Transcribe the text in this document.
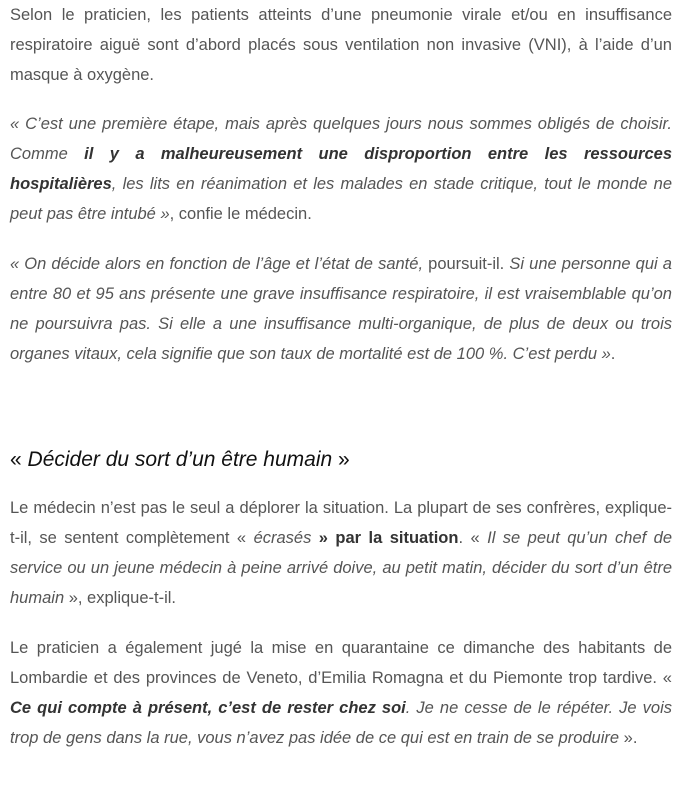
Selon le praticien, les patients atteints d’une pneumonie virale et/ou en insuffisance respiratoire aiguë sont d’abord placés sous ventilation non invasive (VNI), à l’aide d’un masque à oxygène.

« C’est une première étape, mais après quelques jours nous sommes obligés de choisir. Comme il y a malheureusement une disproportion entre les ressources hospitalières, les lits en réanimation et les malades en stade critique, tout le monde ne peut pas être intubé », confie le médecin.

« On décide alors en fonction de l’âge et l’état de santé, poursuit-il. Si une personne qui a entre 80 et 95 ans présente une grave insuffisance respiratoire, il est vraisemblable qu’on ne poursuivra pas. Si elle a une insuffisance multi-organique, de plus de deux ou trois organes vitaux, cela signifie que son taux de mortalité est de 100 %. C’est perdu ».

« Décider du sort d’un être humain »

Le médecin n’est pas le seul a déplorer la situation. La plupart de ses confrères, explique-t-il, se sentent complètement « écrasés » par la situation. « Il se peut qu’un chef de service ou un jeune médecin à peine arrivé doive, au petit matin, décider du sort d’un être humain », explique-t-il.

Le praticien a également jugé la mise en quarantaine ce dimanche des habitants de Lombardie et des provinces de Veneto, d’Emilia Romagna et du Piemonte trop tardive. « Ce qui compte à présent, c’est de rester chez soi. Je ne cesse de le répéter. Je vois trop de gens dans la rue, vous n’avez pas idée de ce qui est en train de se produire ».
